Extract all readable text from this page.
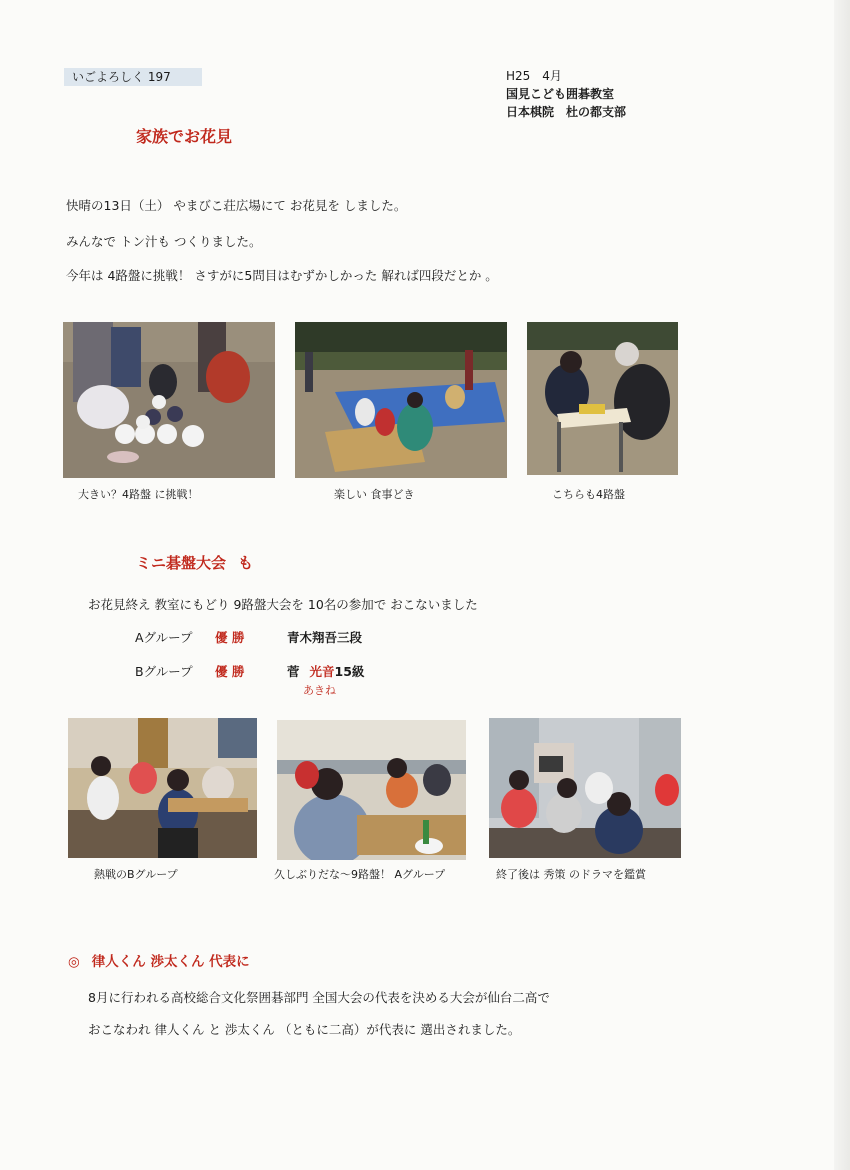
いごよろしく 197	H25　4月
国見こども囲碁教室
日本棋院　杜の都支部
家族でお花見
快晴の13日（土） やまびこ荘広場にて お花見を しました。
みんなで トン汁も つくりました。
今年は 4路盤に挑戦！ さすがに5問目はむずかしかった 解れば四段だとか 。
大きい？4路盤 に挑戦！	楽しい 食事どき	こちらも4路盤
ミニ碁盤大会 も
お花見終え 教室にもどり 9路盤大会を 10名の参加で おこないました
Aグループ 優 勝	青木翔吾三段
Bグループ 優 勝	菅 光音15級
あきね
熱戦のBグループ	久しぶりだな～9路盤！ Aグループ	終了後は 秀策 のドラマを鑑賞
◎ 律人くん 渉太くん 代表に
8月に行われる高校総合文化祭囲碁部門 全国大会の代表を決める大会が仙台二高で
おこなわれ 律人くん と 渉太くん （ともに二高）が代表に 選出されました。
